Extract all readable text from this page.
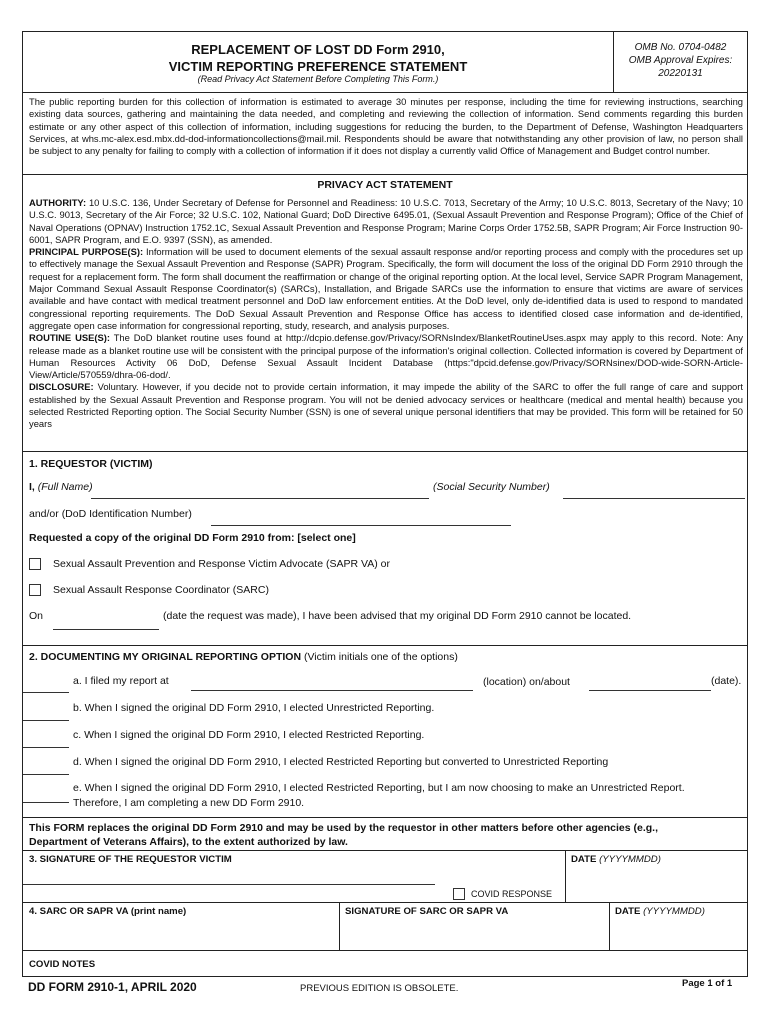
REPLACEMENT OF LOST DD Form 2910,
VICTIM REPORTING PREFERENCE STATEMENT
(Read Privacy Act Statement Before Completing This Form.)
OMB No. 0704-0482
OMB Approval Expires:
20220131

The public reporting burden for this collection of information is estimated to average 30 minutes per response, including the time for reviewing instructions, searching existing data sources, gathering and maintaining the data needed, and completing and reviewing the collection of information. Send comments regarding this burden estimate or any other aspect of this collection of information, including suggestions for reducing the burden, to the Department of Defense, Washington Headquarters Services, at whs.mc-alex.esd.mbx.dd-dod-informationcollections@mail.mil. Respondents should be aware that notwithstanding any other provision of law, no person shall be subject to any penalty for failing to comply with a collection of information if it does not display a currently valid Office of Management and Budget control number.

PRIVACY ACT STATEMENT

AUTHORITY: 10 U.S.C. 136, Under Secretary of Defense for Personnel and Readiness: 10 U.S.C. 7013, Secretary of the Army; 10 U.S.C. 8013, Secretary of the Navy; 10 U.S.C. 9013, Secretary of the Air Force; 32 U.S.C. 102, National Guard; DoD Directive 6495.01, (Sexual Assault Prevention and Response Program); Office of the Chief of Naval Operations (OPNAV) Instruction 1752.1C, Sexual Assault Prevention and Response Program; Marine Corps Order 1752.5B, SAPR Program; Air Force Instruction 90-6001, SAPR Program, and E.O. 9397 (SSN), as amended.
PRINCIPAL PURPOSE(S): Information will be used to document elements of the sexual assault response and/or reporting process and comply with the procedures set up to effectively manage the Sexual Assault Prevention and Response (SAPR) Program. Specifically, the form will document the loss of the original DD Form 2910 through the request for a replacement form. The form shall document the reaffirmation or change of the original reporting option. At the local level, Service SAPR Program Management, Major Command Sexual Assault Response Coordinator(s) (SARCs), Installation, and Brigade SARCs use the information to ensure that victims are aware of services available and have contact with medical treatment personnel and DoD law enforcement entities. At the DoD level, only de-identified data is used to respond to mandated congressional reporting requirements. The DoD Sexual Assault Prevention and Response Office has access to identified closed case information and de-identified, aggregate open case information for congressional reporting, study, research, and analysis purposes.
ROUTINE USE(S): The DoD blanket routine uses found at http://dcpio.defense.gov/Privacy/SORNsIndex/BlanketRoutineUses.aspx may apply to this record. Note: Any release made as a blanket routine use will be consistent with the principal purpose of the information's original collection. Collected information is covered by Department of Human Resources Activity 06 DoD, Defense Sexual Assault Incident Database (https:"dpcid.defense.gov/Privacy/SORNsinex/DOD-wide-SORN-Article-View/Article/570559/dhra-06-dod/.
DISCLOSURE: Voluntary. However, if you decide not to provide certain information, it may impede the ability of the SARC to offer the full range of care and support established by the Sexual Assault Prevention and Response program. You will not be denied advocacy services or healthcare (medical and mental health) because you selected Restricted Reporting option. The Social Security Number (SSN) is one of several unique personal identifiers that may be provided. This form will be retained for 50 years

1. REQUESTOR (VICTIM)
I, (Full Name)	(Social Security Number)
and/or (DoD Identification Number)
Requested a copy of the original DD Form 2910 from: [select one]
Sexual Assault Prevention and Response Victim Advocate (SAPR VA) or
Sexual Assault Response Coordinator (SARC)
On	(date the request was made), I have been advised that my original DD Form 2910 cannot be located.
2. DOCUMENTING MY ORIGINAL REPORTING OPTION (Victim initials one of the options)
a. I filed my report at	(location) on/about	(date).
b. When I signed the original DD Form 2910, I elected Unrestricted Reporting.
c. When I signed the original DD Form 2910, I elected Restricted Reporting.
d. When I signed the original DD Form 2910, I elected Restricted Reporting but converted to Unrestricted Reporting
e. When I signed the original DD Form 2910, I elected Restricted Reporting, but I am now choosing to make an Unrestricted Report.
Therefore, I am completing a new DD Form 2910.
This FORM replaces the original DD Form 2910 and may be used by the requestor in other matters before other agencies (e.g.,
Department of Veterans Affairs), to the extent authorized by law.
3. SIGNATURE OF THE REQUESTOR VICTIM	DATE (YYYYMMDD)
COVID RESPONSE
4. SARC OR SAPR VA (print name)	SIGNATURE OF SARC OR SAPR VA	DATE (YYYYMMDD)
COVID NOTES
DD FORM 2910-1, APRIL 2020	PREVIOUS EDITION IS OBSOLETE.	Page 1 of 1
